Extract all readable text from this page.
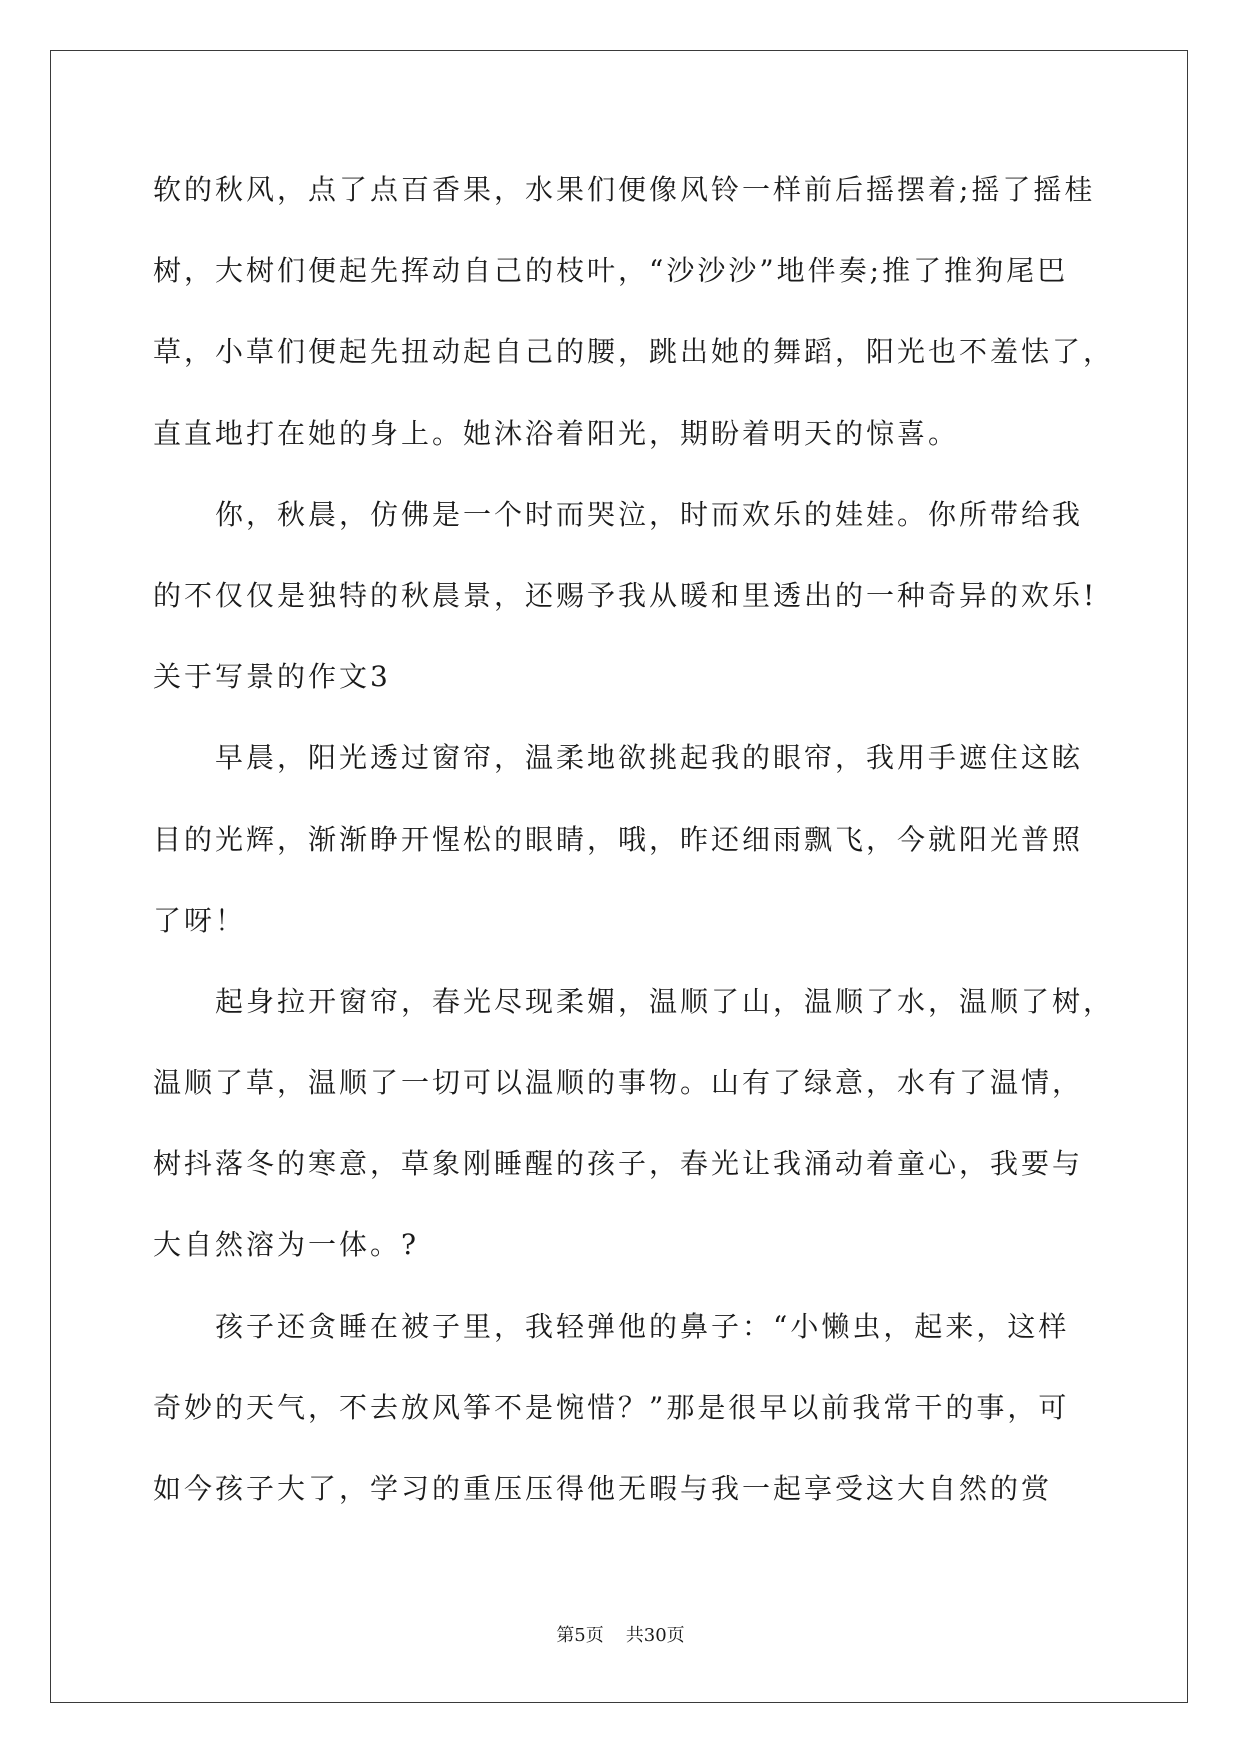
软的秋风，点了点百香果，水果们便像风铃一样前后摇摆着;摇了摇桂
树，大树们便起先挥动自己的枝叶，“沙沙沙”地伴奏;推了推狗尾巴
草，小草们便起先扭动起自己的腰，跳出她的舞蹈，阳光也不羞怯了，
直直地打在她的身上。她沐浴着阳光，期盼着明天的惊喜。
你，秋晨，仿佛是一个时而哭泣，时而欢乐的娃娃。你所带给我
的不仅仅是独特的秋晨景，还赐予我从暖和里透出的一种奇异的欢乐!
关于写景的作文3
早晨，阳光透过窗帘，温柔地欲挑起我的眼帘，我用手遮住这眩
目的光辉，渐渐睁开惺松的眼睛，哦，昨还细雨飘飞，今就阳光普照
了呀！
起身拉开窗帘，春光尽现柔媚，温顺了山，温顺了水，温顺了树，
温顺了草，温顺了一切可以温顺的事物。山有了绿意，水有了温情，
树抖落冬的寒意，草象刚睡醒的孩子，春光让我涌动着童心，我要与
大自然溶为一体。?
孩子还贪睡在被子里，我轻弹他的鼻子：“小懒虫，起来，这样
奇妙的天气，不去放风筝不是惋惜？”那是很早以前我常干的事，可
如今孩子大了，学习的重压压得他无暇与我一起享受这大自然的赏
第5页 共30页
